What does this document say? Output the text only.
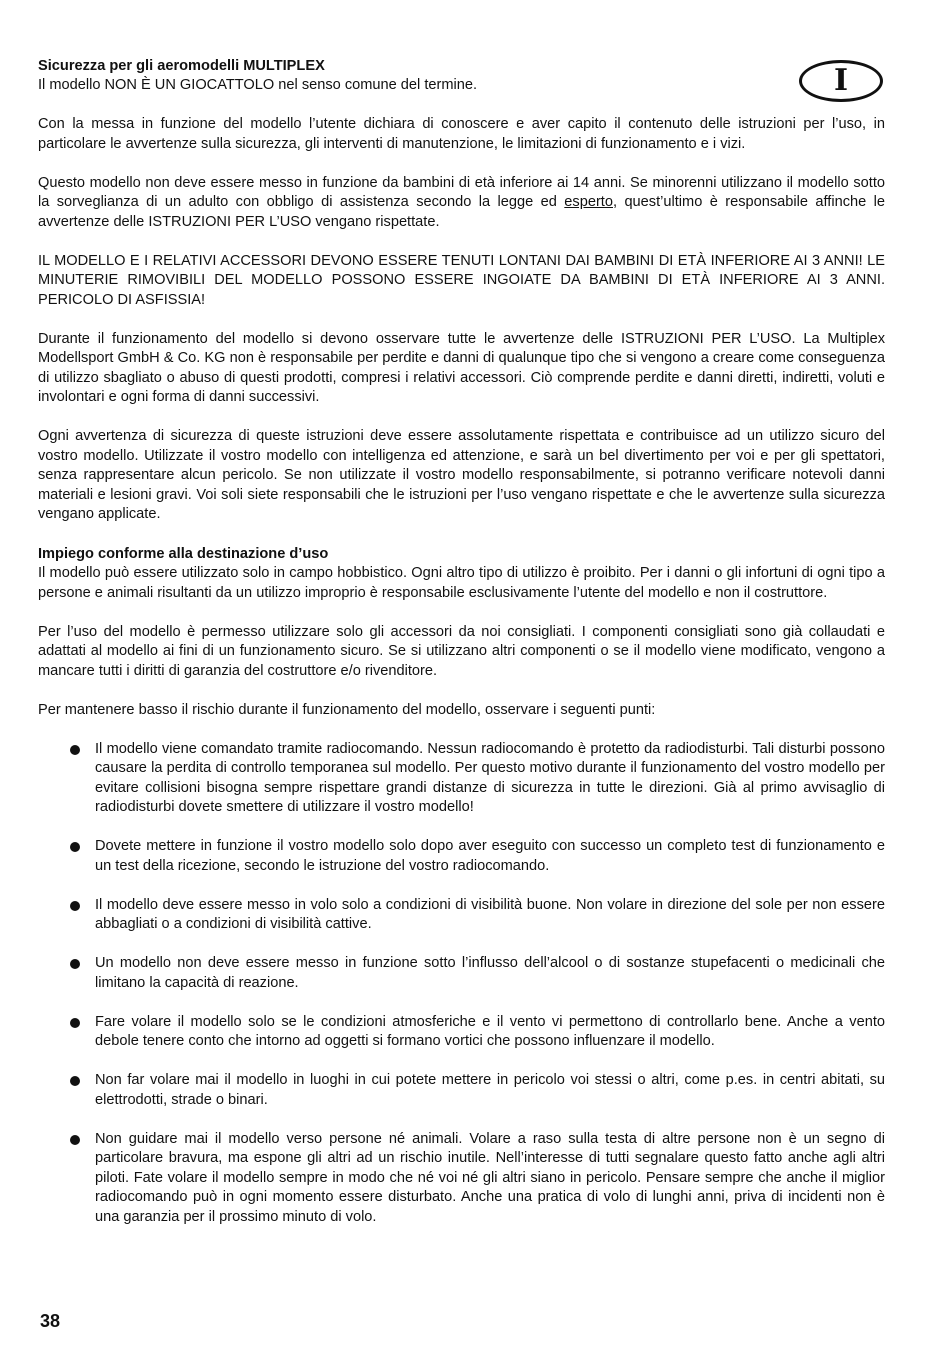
I
Sicurezza per gli aeromodelli MULTIPLEX

Il modello NON È UN GIOCATTOLO nel senso comune del termine.

Con la messa in funzione del modello l’utente dichiara di conoscere e aver capito il contenuto delle istruzioni per l’uso, in particolare le avvertenze sulla sicurezza, gli interventi di manutenzione, le limitazioni di funzionamento e i vizi.

Questo modello non deve essere messo in funzione da bambini di età inferiore ai 14 anni. Se minorenni utilizzano il modello sotto la sorveglianza di un adulto con obbligo di assistenza secondo la legge ed esperto, quest’ultimo è responsabile affinche le avvertenze delle ISTRUZIONI PER L’USO vengano rispettate.

IL MODELLO E I RELATIVI ACCESSORI DEVONO ESSERE TENUTI LONTANI DAI BAMBINI DI ETÀ INFERIORE AI 3 ANNI! LE MINUTERIE RIMOVIBILI DEL MODELLO POSSONO ESSERE INGOIATE DA BAMBINI DI ETÀ INFERIORE AI 3 ANNI. PERICOLO DI ASFISSIA!

Durante il funzionamento del modello si devono osservare tutte le avvertenze delle ISTRUZIONI PER L’USO. La Multiplex Modellsport GmbH & Co. KG non è responsabile per perdite e danni di qualunque tipo che si vengono a creare come conseguenza di utilizzo sbagliato o abuso di questi prodotti, compresi i relativi accessori. Ciò comprende perdite e danni diretti, indiretti, voluti e involontari e ogni forma di danni successivi.

Ogni avvertenza di sicurezza di queste istruzioni deve essere assolutamente rispettata e contribuisce ad un utilizzo sicuro del vostro modello. Utilizzate il vostro modello con intelligenza ed attenzione, e sarà un bel divertimento per voi e per gli spettatori, senza rappresentare alcun pericolo. Se non utilizzate il vostro modello responsabilmente, si potranno verificare notevoli danni materiali e lesioni gravi. Voi soli siete responsabili che le istruzioni per l’uso vengano rispettate e che le avvertenze sulla sicurezza vengano applicate.

Impiego conforme alla destinazione d’uso

Il modello può essere utilizzato solo in campo hobbistico. Ogni altro tipo di utilizzo è proibito. Per i danni o gli infortuni di ogni tipo a persone e animali risultanti da un utilizzo improprio è responsabile esclusivamente l’utente del modello e non il costruttore.

Per l’uso del modello è permesso utilizzare solo gli accessori da noi consigliati. I componenti consigliati sono già collaudati e adattati al modello ai fini di un funzionamento sicuro. Se si utilizzano altri componenti o se il modello viene modificato, vengono a mancare tutti i diritti di garanzia del costruttore e/o rivenditore.

Per mantenere basso il rischio durante il funzionamento del modello, osservare i seguenti punti:

Il modello viene comandato tramite radiocomando. Nessun radiocomando è protetto da radiodisturbi. Tali disturbi possono causare la perdita di controllo temporanea sul modello. Per questo motivo durante il funzionamento del vostro modello per evitare collisioni bisogna sempre rispettare grandi distanze di sicurezza in tutte le direzioni. Già al primo avvisaglio di radiodisturbi dovete smettere di utilizzare il vostro modello!
Dovete mettere in funzione il vostro modello solo dopo aver eseguito con successo un completo test di funzionamento e un test della ricezione, secondo le istruzione del vostro radiocomando.
Il modello deve essere messo in volo solo a condizioni di visibilità buone. Non volare in direzione del sole per non essere abbagliati o a condizioni di visibilità cattive.
Un modello non deve essere messo in funzione sotto l’influsso dell’alcool o di sostanze stupefacenti o medicinali che limitano la capacità di reazione.
Fare volare il modello solo se le condizioni atmosferiche e il vento vi permettono di controllarlo bene. Anche a vento debole tenere conto che intorno ad oggetti si formano vortici che possono influenzare il modello.
Non far volare mai il modello in luoghi in cui potete mettere in pericolo voi stessi o altri, come p.es. in centri abitati, su elettrodotti, strade o binari.
Non guidare mai il modello verso persone né animali. Volare a raso sulla testa di altre persone non è un segno di particolare bravura, ma espone gli altri ad un rischio inutile. Nell’interesse di tutti segnalare questo fatto anche agli altri piloti. Fate volare il modello sempre in modo che né voi né gli altri siano in pericolo. Pensare sempre che anche il miglior radiocomando può in ogni momento essere disturbato. Anche una pratica di volo di lunghi anni, priva di incidenti non è una garanzia per il prossimo minuto di volo.
38
